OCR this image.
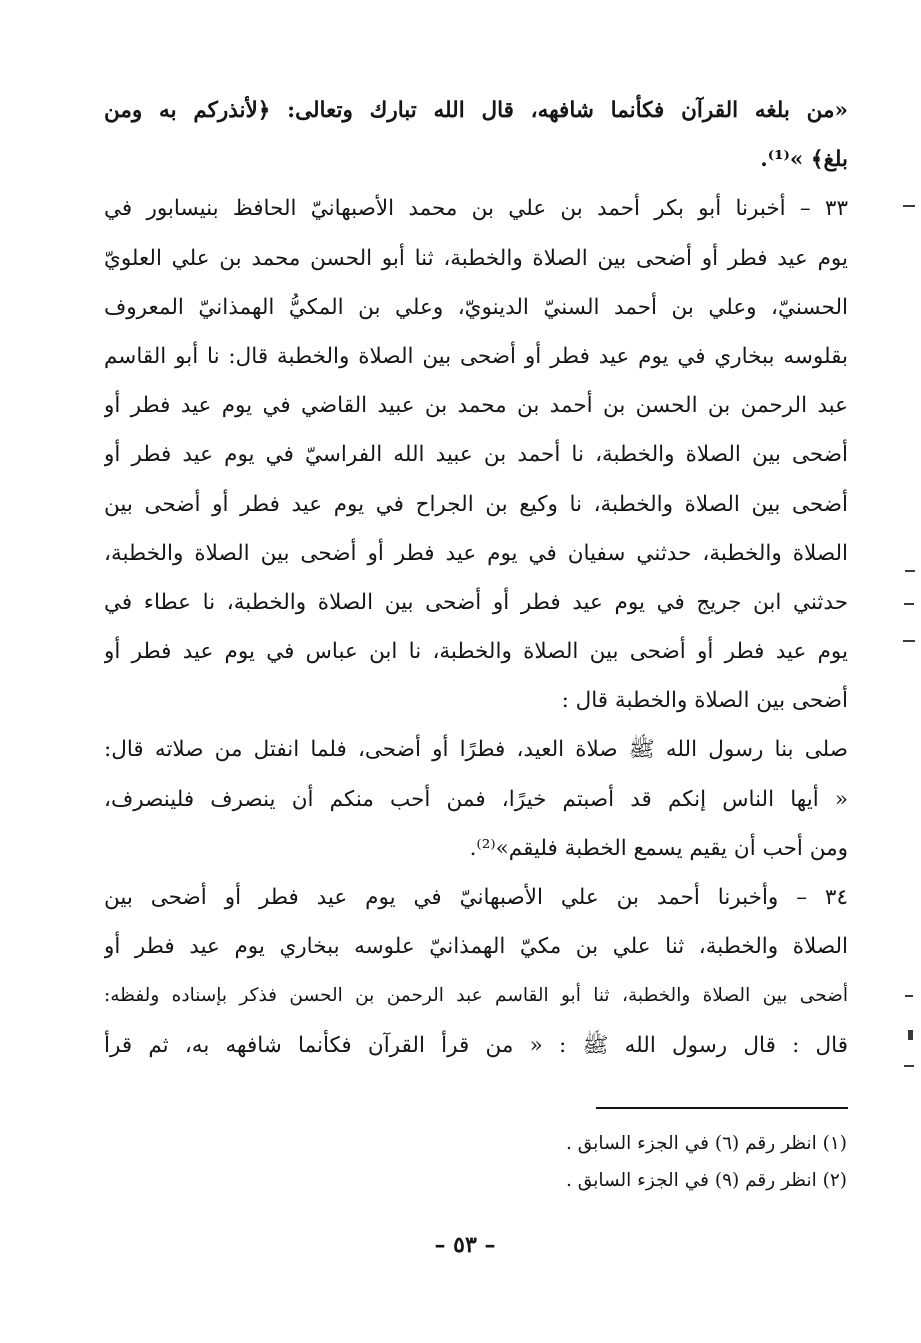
«من بلغه القرآن فكأنما شافهه، قال الله تبارك وتعالى: ﴿لأنذركم به ومن
بلغ﴾ »⁽¹⁾.
٣٣ – أخبرنا أبو بكر أحمد بن علي بن محمد الأصبهانيّ الحافظ بنيسابور في
يوم عيد فطر أو أضحى بين الصلاة والخطبة، ثنا أبو الحسن محمد بن علي العلويّ
الحسنيّ، وعلي بن أحمد السنيّ الدينويّ، وعلي بن المكيُّ الهمذانيّ المعروف
بقلوسه ببخاري في يوم عيد فطر أو أضحى بين الصلاة والخطبة قال: نا أبو القاسم
عبد الرحمن بن الحسن بن أحمد بن محمد بن عبيد القاضي في يوم عيد فطر أو
أضحى بين الصلاة والخطبة، نا أحمد بن عبيد الله الفراسيّ في يوم عيد فطر أو
أضحى بين الصلاة والخطبة، نا وكيع بن الجراح في يوم عيد فطر أو أضحى بين
الصلاة والخطبة، حدثني سفيان في يوم عيد فطر أو أضحى بين الصلاة والخطبة،
حدثني ابن جريج في يوم عيد فطر أو أضحى بين الصلاة والخطبة، نا عطاء في
يوم عيد فطر أو أضحى بين الصلاة والخطبة، نا ابن عباس في يوم عيد فطر أو
أضحى بين الصلاة والخطبة قال :
صلى بنا رسول الله ﷺ صلاة العيد، فطرًا أو أضحى، فلما انفتل من صلاته قال:
« أيها الناس إنكم قد أصبتم خيرًا، فمن أحب منكم أن ينصرف فلينصرف،
ومن أحب أن يقيم يسمع الخطبة فليقم»⁽²⁾.
٣٤ – وأخبرنا أحمد بن علي الأصبهانيّ في يوم عيد فطر أو أضحى بين
الصلاة والخطبة، ثنا علي بن مكيّ الهمذانيّ علوسه ببخاري يوم عيد فطر أو
أضحى بين الصلاة والخطبة، ثنا أبو القاسم عبد الرحمن بن الحسن فذكر بإسناده ولفظه:
قال : قال رسول الله ﷺ : « من قرأ القرآن فكأنما شافهه به، ثم قرأ
(١) انظر رقم (٦) في الجزء السابق .
(٢) انظر رقم (٩) في الجزء السابق .
– ٥٣ –
